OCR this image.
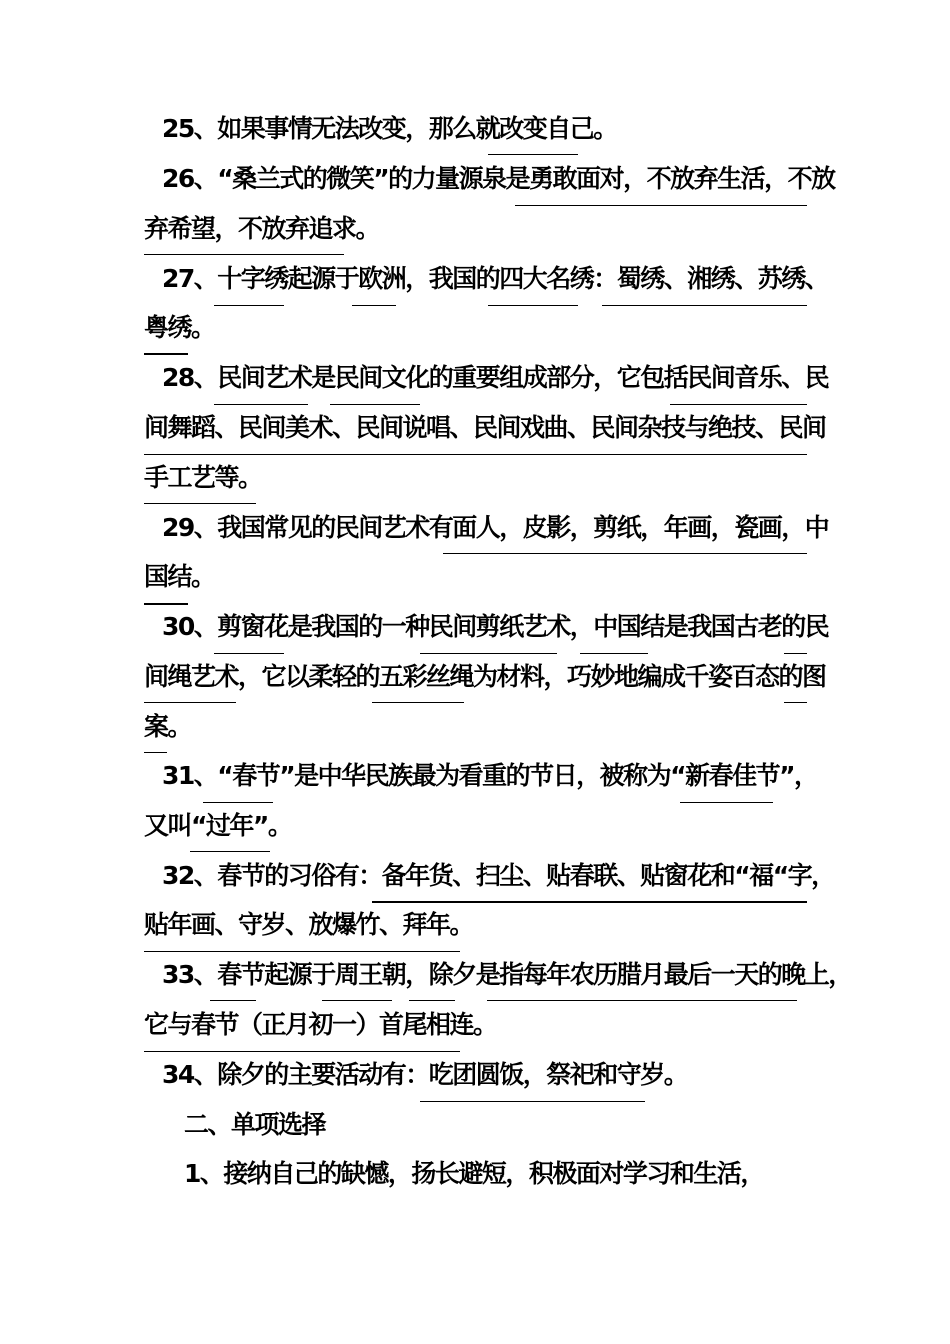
25、如果事情无法改变，那么就改变自己。
26、“桑兰式的微笑”的力量源泉是勇敢面对，不放弃生活，不放
弃希望，不放弃追求。
27、十字绣起源于欧洲，我国的四大名绣：蜀绣、湘绣、苏绣、
粤绣。
28、民间艺术是民间文化的重要组成部分，它包括民间音乐、民
间舞蹈、民间美术、民间说唱、民间戏曲、民间杂技与绝技、民间
手工艺等。
29、我国常见的民间艺术有面人，皮影，剪纸，年画，瓷画，中
国结。
30、剪窗花是我国的一种民间剪纸艺术，中国结是我国古老的民
间绳艺术，它以柔轻的五彩丝绳为材料，巧妙地编成千姿百态的图
案。
31、“春节”是中华民族最为看重的节日，被称为“新春佳节”，
又叫“过年”。
32、春节的习俗有：备年货、扫尘、贴春联、贴窗花和“福“字，
贴年画、守岁、放爆竹、拜年。
33、春节起源于周王朝，除夕是指每年农历腊月最后一天的晚上，
它与春节（正月初一）首尾相连。
34、除夕的主要活动有：吃团圆饭，祭祀和守岁。
二、单项选择
1、接纳自己的缺憾，扬长避短，积极面对学习和生活，
